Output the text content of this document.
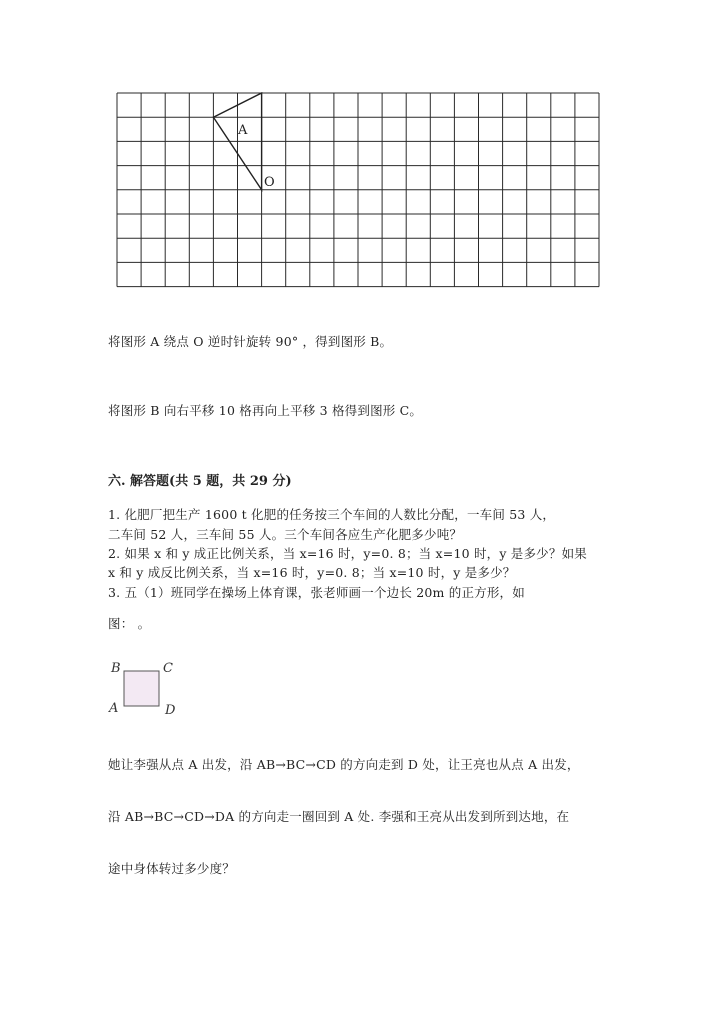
A
O
将图形 A 绕点 O 逆时针旋转 90° ，得到图形 B。
将图形 B 向右平移 10 格再向上平移 3 格得到图形 C。
六. 解答题(共 5 题，共 29 分)
1. 化肥厂把生产 1600 t 化肥的任务按三个车间的人数比分配，一车间 53 人，
二车间 52 人，三车间 55 人。三个车间各应生产化肥多少吨？
2. 如果 x 和 y 成正比例关系，当 x=16 时，y=0. 8；当 x=10 时，y 是多少？如果
x 和 y 成反比例关系，当 x=16 时，y=0. 8；当 x=10 时，y 是多少？
3. 五（1）班同学在操场上体育课，张老师画一个边长 20m 的正方形，如
图： 。
B	C
A	D
她让李强从点 A 出发，沿 AB→BC→CD 的方向走到 D 处，让王亮也从点 A 出发，
沿 AB→BC→CD→DA 的方向走一圈回到 A 处. 李强和王亮从出发到所到达地，在
途中身体转过多少度？
